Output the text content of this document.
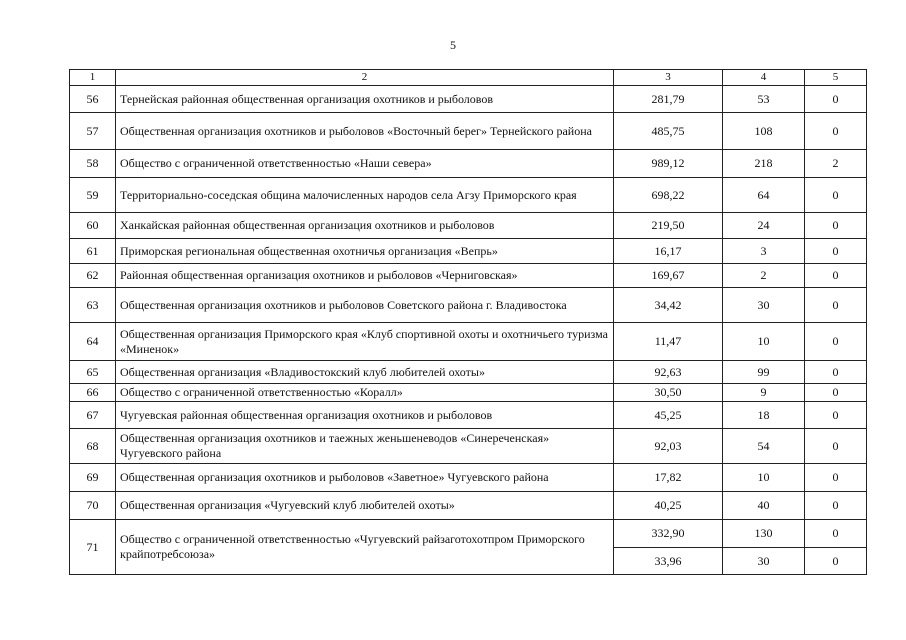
5
1	2	3	4	5
56	Тернейская районная общественная организация охотников и рыболовов	281,79	53	0
57	Общественная организация охотников и рыболовов «Восточный берег» Тернейского района	485,75	108	0
58	Общество с ограниченной ответственностью «Наши севера»	989,12	218	2
59	Территориально-соседская община малочисленных народов села Агзу Приморского края	698,22	64	0
60	Ханкайская районная общественная организация охотников и рыболовов	219,50	24	0
61	Приморская региональная общественная охотничья организация «Вепрь»	16,17	3	0
62	Районная общественная организация охотников и рыболовов «Черниговская»	169,67	2	0
63	Общественная организация охотников и рыболовов Советского района г. Владивостока	34,42	30	0
64	Общественная организация Приморского края «Клуб спортивной охоты и охотничьего туризма «Миненок»	11,47	10	0
65	Общественная организация «Владивостокский клуб любителей охоты»	92,63	99	0
66	Общество с ограниченной ответственностью «Коралл»	30,50	9	0
67	Чугуевская районная общественная организация охотников и рыболовов	45,25	18	0
68	Общественная организация охотников и таежных женьшеневодов «Синереченская» Чугуевского района	92,03	54	0
69	Общественная организация охотников и рыболовов «Заветное» Чугуевского района	17,82	10	0
70	Общественная организация «Чугуевский клуб любителей охоты»	40,25	40	0
71	Общество с ограниченной ответственностью «Чугуевский райзаготохотпром Приморского крайпотребсоюза»	332,90	130	0
		33,96	30	0
